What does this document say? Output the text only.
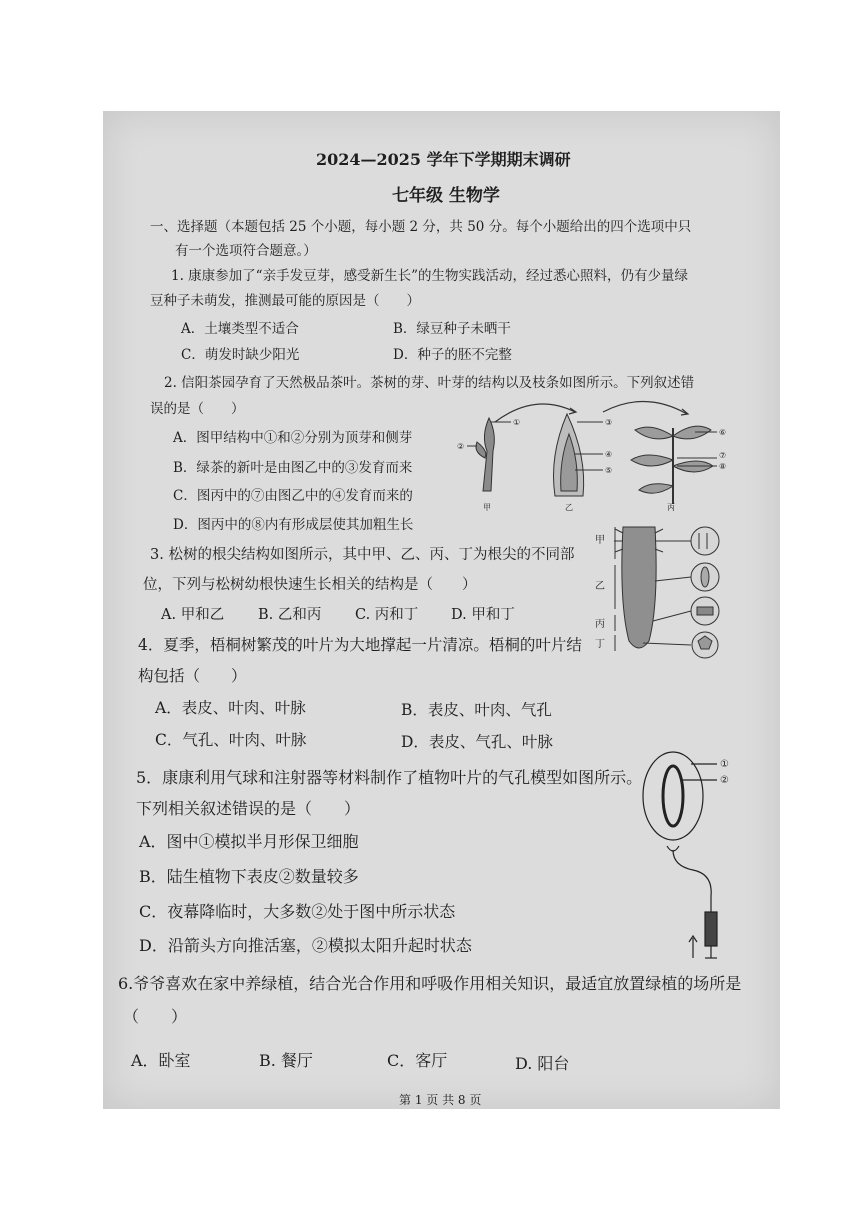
2024—2025 学年下学期期末调研
七年级 生物学
一、选择题（本题包括 25 个小题，每小题 2 分，共 50 分。每个小题给出的四个选项中只
有一个选项符合题意。）
1. 康康参加了“亲手发豆芽，感受新生长”的生物实践活动，经过悉心照料，仍有少量绿
豆种子未萌发，推测最可能的原因是（　　）
A．土壤类型不适合	B．绿豆种子未晒干
C．萌发时缺少阳光	D．种子的胚不完整
2. 信阳茶园孕育了天然极品茶叶。茶树的芽、叶芽的结构以及枝条如图所示。下列叙述错
误的是（　　）
A．图甲结构中①和②分别为顶芽和侧芽
B．绿茶的新叶是由图乙中的③发育而来
C．图丙中的⑦由图乙中的④发育而来的
D．图丙中的⑧内有形成层使其加粗生长
①
②
③
④
⑤
⑥
⑦
⑧
甲	乙	丙
3. 松树的根尖结构如图所示，其中甲、乙、丙、丁为根尖的不同部
位，下列与松树幼根快速生长相关的结构是（　　）
A. 甲和乙 B. 乙和丙 C. 丙和丁 D. 甲和丁
甲
乙
丙
丁
4．夏季，梧桐树繁茂的叶片为大地撑起一片清凉。梧桐的叶片结
构包括（　　）
A．表皮、叶肉、叶脉	B．表皮、叶肉、气孔
C．气孔、叶肉、叶脉	D．表皮、气孔、叶脉
5．康康利用气球和注射器等材料制作了植物叶片的气孔模型如图所示。
下列相关叙述错误的是（　　）
A．图中①模拟半月形保卫细胞
B．陆生植物下表皮②数量较多
C．夜幕降临时，大多数②处于图中所示状态
D．沿箭头方向推活塞，②模拟太阳升起时状态
①
②
6.爷爷喜欢在家中养绿植，结合光合作用和呼吸作用相关知识，最适宜放置绿植的场所是
（　　）
A．卧室	B. 餐厅	C．客厅	D. 阳台
第 1 页 共 8 页
